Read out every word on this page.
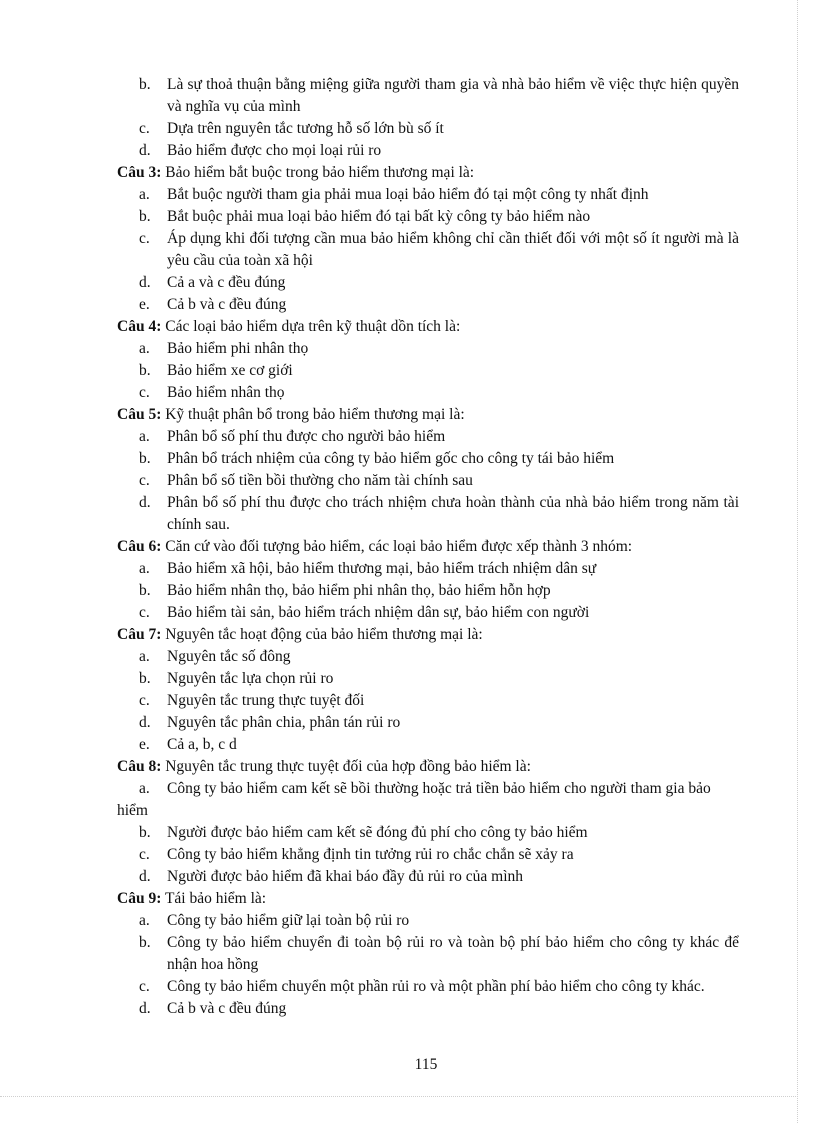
b.	Là sự thoả thuận bằng miệng giữa người tham gia và nhà bảo hiểm về việc thực hiện quyền và nghĩa vụ của mình
c.	Dựa trên nguyên tắc tương hỗ số lớn bù số ít
d.	Bảo hiểm được cho mọi loại rủi ro

Câu 3: Bảo hiểm bắt buộc trong bảo hiểm thương mại là:

a.	Bắt buộc người tham gia phải mua loại bảo hiểm đó tại một công ty nhất định
b.	Bắt buộc phải mua loại bảo hiểm đó tại bất kỳ công ty bảo hiểm nào
c.	Áp dụng khi đối tượng cần mua bảo hiểm không chỉ cần thiết đối với một số ít người mà là yêu cầu của toàn xã hội
d.	Cả a và c đều đúng
e.	Cả b và c đều đúng

Câu 4: Các loại bảo hiểm dựa trên kỹ thuật dồn tích là:

a.	Bảo hiểm phi nhân thọ
b.	Bảo hiểm xe cơ giới
c.	Bảo hiểm nhân thọ

Câu 5: Kỹ thuật phân bổ trong bảo hiểm thương mại là:

a.	Phân bổ số phí thu được cho người bảo hiểm
b.	Phân bổ trách nhiệm của công ty bảo hiểm gốc cho công ty tái bảo hiểm
c.	Phân bổ số tiền bồi thường cho năm tài chính sau
d.	Phân bổ số phí thu được cho trách nhiệm chưa hoàn thành của nhà bảo hiểm trong năm tài chính sau.

Câu 6: Căn cứ vào đối tượng bảo hiểm, các loại bảo hiểm được xếp thành 3 nhóm:

a.	Bảo hiểm xã hội, bảo hiểm thương mại, bảo hiểm trách nhiệm dân sự
b.	Bảo hiểm nhân thọ, bảo hiểm phi nhân thọ, bảo hiểm hỗn hợp
c.	Bảo hiểm tài sản, bảo hiểm trách nhiệm dân sự, bảo hiểm con người

Câu 7: Nguyên tắc hoạt động của bảo hiểm thương mại là:

a.	Nguyên tắc số đông
b.	Nguyên tắc lựa chọn rủi ro
c.	Nguyên tắc trung thực tuyệt đối
d.	Nguyên tắc phân chia, phân tán rủi ro
e.	Cả a, b, c d

Câu 8: Nguyên tắc trung thực tuyệt đối của hợp đồng bảo hiểm là:

a. Công ty bảo hiểm cam kết sẽ bồi thường hoặc trả tiền bảo hiểm cho người tham gia bảo hiểm

b.	Người được bảo hiểm cam kết sẽ đóng đủ phí cho công ty bảo hiểm
c.	Công ty bảo hiểm khẳng định tin tưởng rủi ro chắc chắn sẽ xảy ra
d.	Người được bảo hiểm đã khai báo đầy đủ rủi ro của mình

Câu 9: Tái bảo hiểm là:

a.	Công ty bảo hiểm giữ lại toàn bộ rủi ro
b.	Công ty bảo hiểm chuyển đi toàn bộ rủi ro và toàn bộ phí bảo hiểm cho công ty khác để nhận hoa hồng
c.	Công ty bảo hiểm chuyển một phần rủi ro và một phần phí bảo hiểm cho công ty khác.
d.	Cả b và c đều đúng
115
